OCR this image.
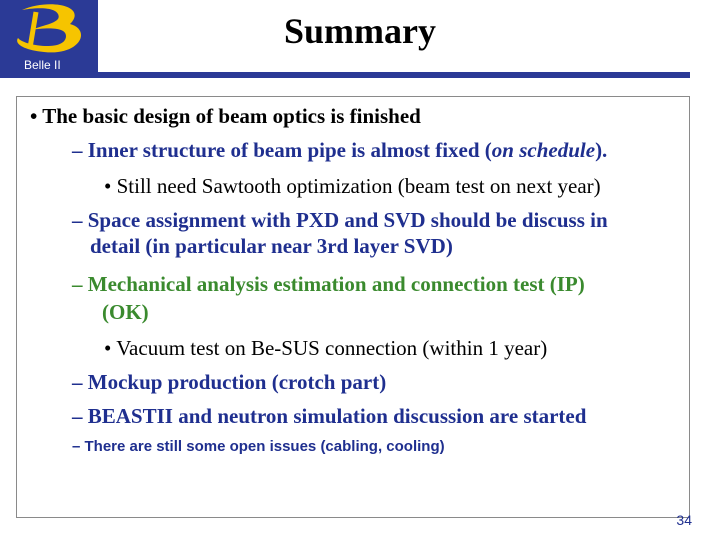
Belle II
Summary
• The basic design of beam optics is finished
– Inner structure of beam pipe is almost fixed (on schedule).
• Still need Sawtooth optimization (beam test on next year)
– Space assignment with PXD and SVD should be discuss in
detail (in particular near 3rd layer SVD)
– Mechanical analysis estimation and connection test (IP)
(OK)
• Vacuum test on Be-SUS connection (within 1 year)
– Mockup production (crotch part)
– BEASTII and neutron simulation discussion are started
– There are still some open issues (cabling, cooling)
34
